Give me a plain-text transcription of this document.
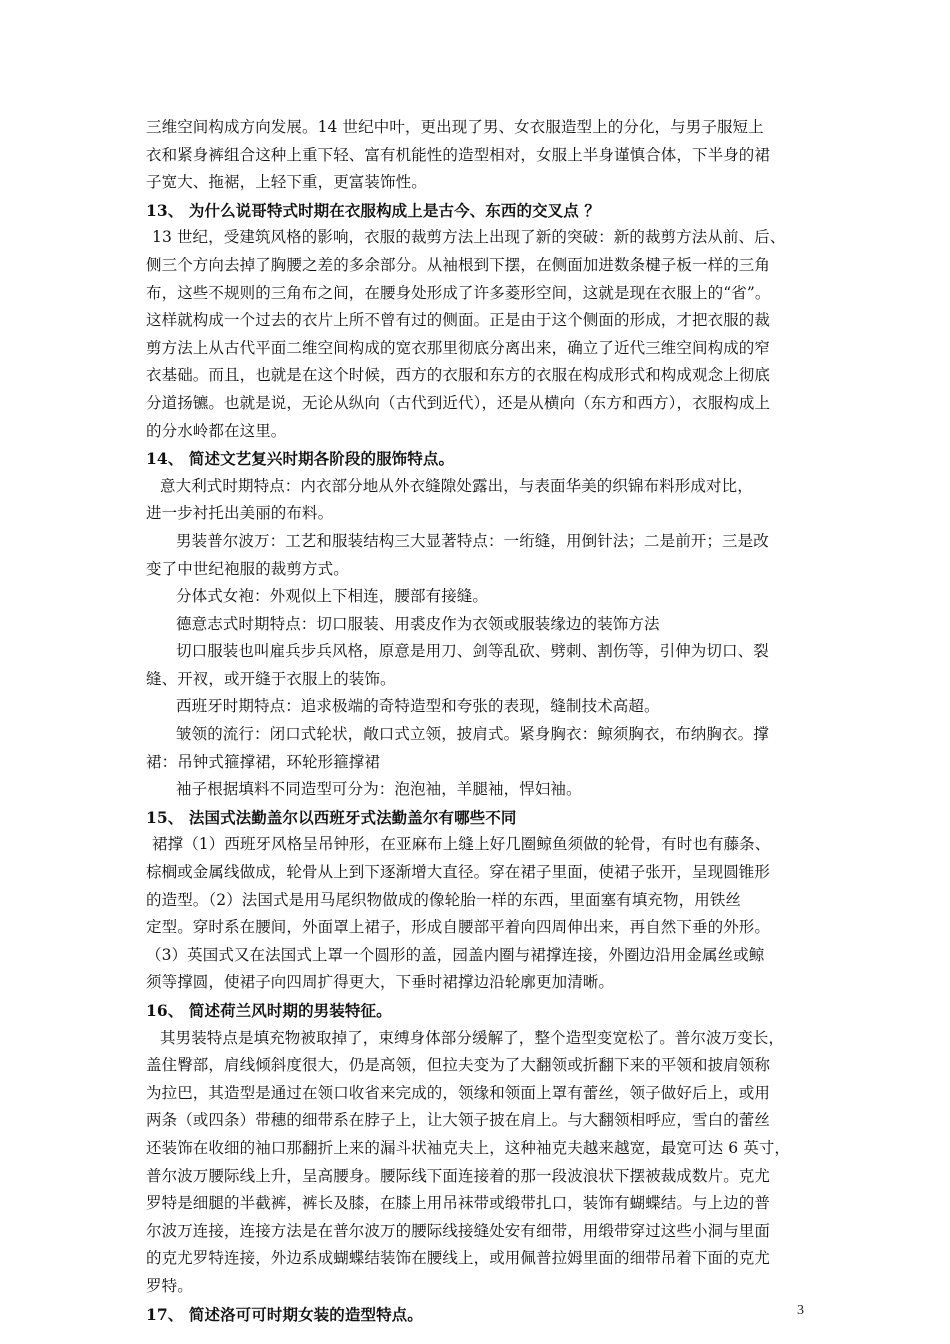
三维空间构成方向发展。14 世纪中叶，更出现了男、女衣服造型上的分化，与男子服短上
衣和紧身裤组合这种上重下轻、富有机能性的造型相对，女服上半身谨慎合体，下半身的裙
子宽大、拖裾，上轻下重，更富装饰性。
13、 为什么说哥特式时期在衣服构成上是古今、东西的交叉点 ？
13 世纪，受建筑风格的影响，衣服的裁剪方法上出现了新的突破：新的裁剪方法从前、后、
侧三个方向去掉了胸腰之差的多余部分。从袖根到下摆，在侧面加进数条楗子板一样的三角
布，这些不规则的三角布之间，在腰身处形成了许多菱形空间，这就是现在衣服上的“省”。
这样就构成一个过去的衣片上所不曾有过的侧面。正是由于这个侧面的形成，才把衣服的裁
剪方法上从古代平面二维空间构成的宽衣那里彻底分离出来，确立了近代三维空间构成的窄
衣基础。而且，也就是在这个时候，西方的衣服和东方的衣服在构成形式和构成观念上彻底
分道扬镳。也就是说，无论从纵向（古代到近代），还是从横向（东方和西方），衣服构成上
的分水岭都在这里。
14、 简述文艺复兴时期各阶段的服饰特点。
意大利式时期特点：内衣部分地从外衣缝隙处露出，与表面华美的织锦布料形成对比，
进一步衬托出美丽的布料。
男装普尔波万：工艺和服装结构三大显著特点：一绗缝，用倒针法；二是前开；三是改
变了中世纪袍服的裁剪方式。
分体式女袍：外观似上下相连，腰部有接缝。
德意志式时期特点：切口服装、用裘皮作为衣领或服装缘边的装饰方法
切口服装也叫雇兵步兵风格，原意是用刀、剑等乱砍、劈刺、割伤等，引伸为切口、裂
缝、开衩，或开缝于衣服上的装饰。
西班牙时期特点：追求极端的奇特造型和夸张的表现，缝制技术高超。
皱领的流行：闭口式轮状，敞口式立领，披肩式。紧身胸衣：鲸须胸衣，布纳胸衣。撑
裙：吊钟式箍撑裙，环轮形箍撑裙
袖子根据填料不同造型可分为：泡泡袖，羊腿袖，悍妇袖。
15、 法国式法勤盖尔以西班牙式法勤盖尔有哪些不同
裙撑（1）西班牙风格呈吊钟形，在亚麻布上缝上好几圈鲸鱼须做的轮骨，有时也有藤条、
棕榈或金属线做成，轮骨从上到下逐渐增大直径。穿在裙子里面，使裙子张开，呈现圆锥形
的造型。（2）法国式是用马尾织物做成的像轮胎一样的东西，里面塞有填充物，用铁丝
定型。穿时系在腰间，外面罩上裙子，形成自腰部平着向四周伸出来，再自然下垂的外形。
（3）英国式又在法国式上罩一个圆形的盖，园盖内圈与裙撑连接，外圈边沿用金属丝或鲸
须等撑圆，使裙子向四周扩得更大，下垂时裙撑边沿轮廓更加清晰。
16、 简述荷兰风时期的男装特征。
其男装特点是填充物被取掉了，束缚身体部分缓解了，整个造型变宽松了。普尔波万变长，
盖住臀部，肩线倾斜度很大，仍是高领，但拉夫变为了大翻领或折翻下来的平领和披肩领称
为拉巴，其造型是通过在领口收省来完成的，领缘和领面上罩有蕾丝，领子做好后上，或用
两条（或四条）带穗的细带系在脖子上，让大领子披在肩上。与大翻领相呼应，雪白的蕾丝
还装饰在收细的袖口那翻折上来的漏斗状袖克夫上，这种袖克夫越来越宽，最宽可达 6 英寸，
普尔波万腰际线上升，呈高腰身。腰际线下面连接着的那一段波浪状下摆被裁成数片。克尤
罗特是细腿的半截裤，裤长及膝，在膝上用吊袜带或缎带扎口，装饰有蝴蝶结。与上边的普
尔波万连接，连接方法是在普尔波万的腰际线接缝处安有细带，用缎带穿过这些小洞与里面
的克尤罗特连接，外边系成蝴蝶结装饰在腰线上，或用佩普拉姆里面的细带吊着下面的克尤
罗特。
17、 简述洛可可时期女装的造型特点。	3
